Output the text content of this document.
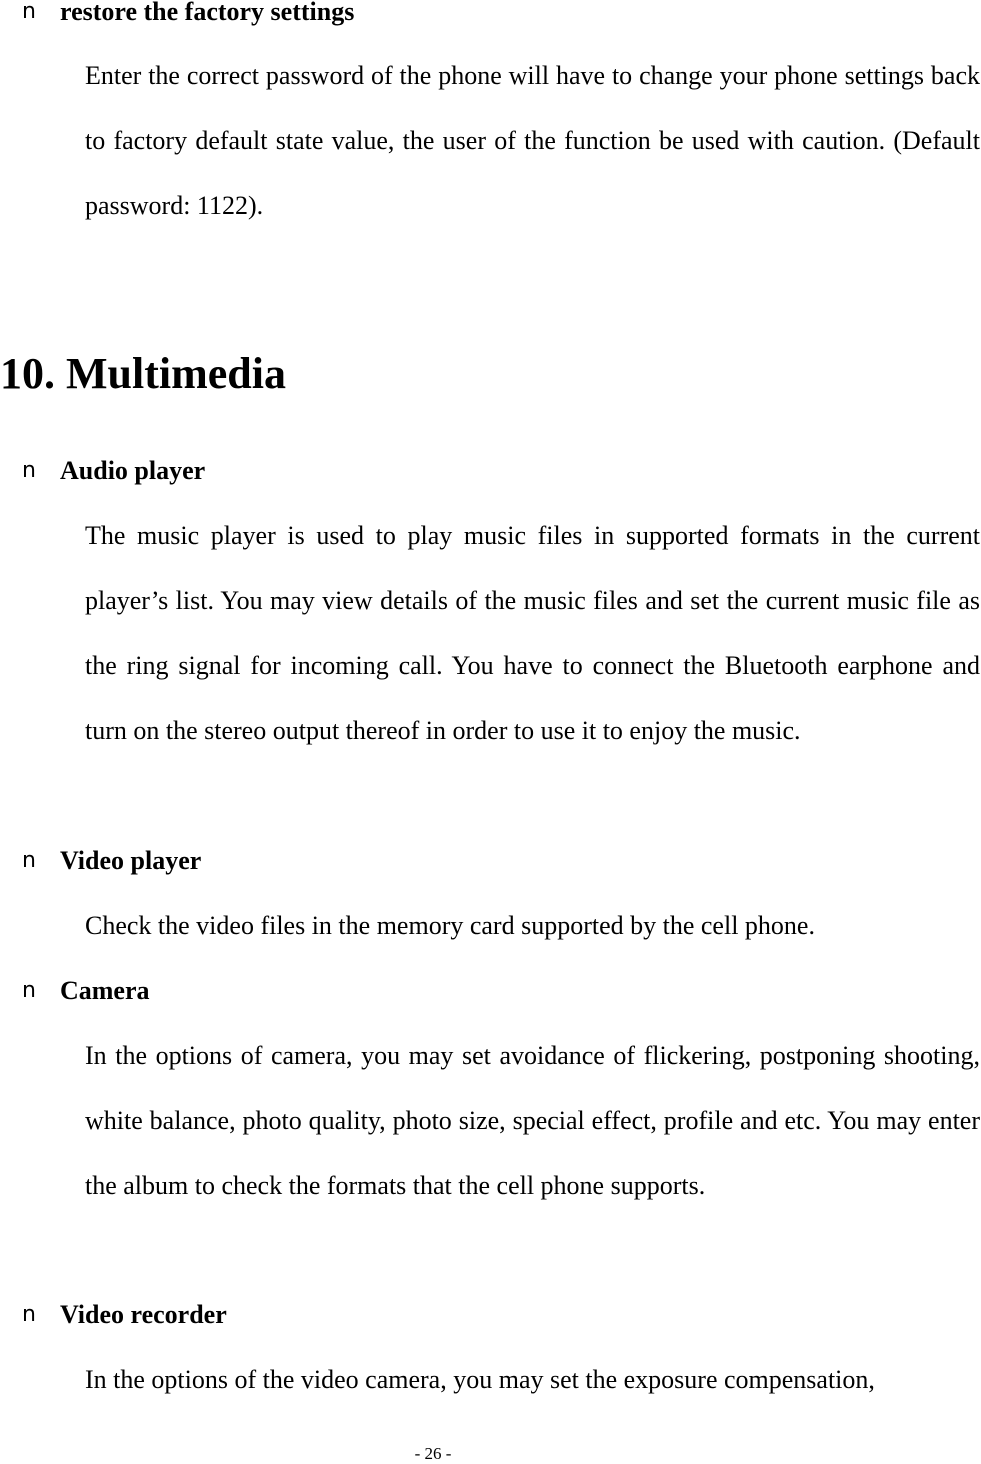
n restore the factory settings

Enter the correct password of the phone will have to change your phone settings back to factory default state value, the user of the function be used with caution. (Default password: 1122).

10. Multimedia
n Audio player

The music player is used to play music files in supported formats in the current player’s list. You may view details of the music files and set the current music file as the ring signal for incoming call. You have to connect the Bluetooth earphone and turn on the stereo output thereof in order to use it to enjoy the music.

n Video player

Check the video files in the memory card supported by the cell phone.

n Camera

In the options of camera, you may set avoidance of flickering, postponing shooting, white balance, photo quality, photo size, special effect, profile and etc. You may enter the album to check the formats that the cell phone supports.

n Video recorder

In the options of the video camera, you may set the exposure compensation,

- 26 -
